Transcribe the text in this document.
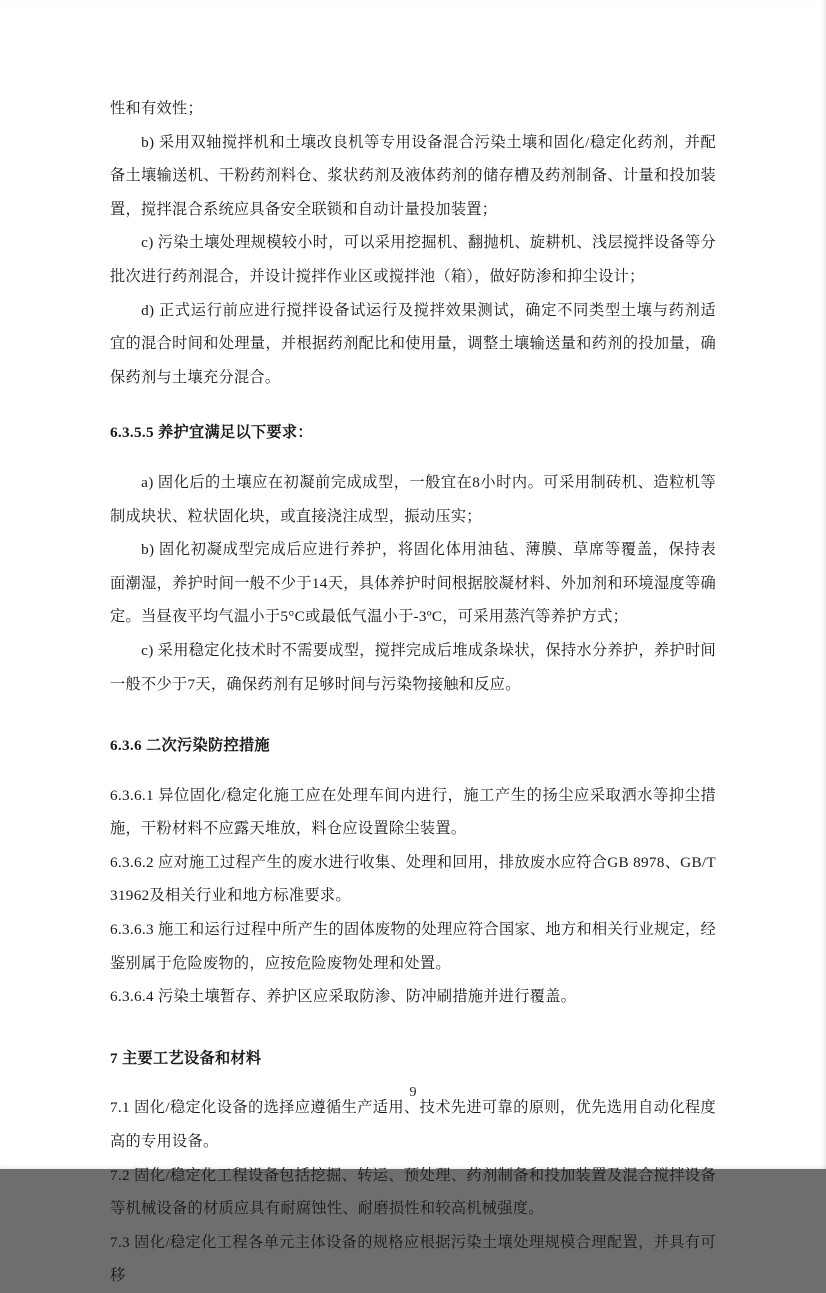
性和有效性；

b) 采用双轴搅拌机和土壤改良机等专用设备混合污染土壤和固化/稳定化药剂，并配备土壤输送机、干粉药剂料仓、浆状药剂及液体药剂的储存槽及药剂制备、计量和投加装置，搅拌混合系统应具备安全联锁和自动计量投加装置；

c) 污染土壤处理规模较小时，可以采用挖掘机、翻抛机、旋耕机、浅层搅拌设备等分批次进行药剂混合，并设计搅拌作业区或搅拌池（箱），做好防渗和抑尘设计；

d) 正式运行前应进行搅拌设备试运行及搅拌效果测试，确定不同类型土壤与药剂适宜的混合时间和处理量，并根据药剂配比和使用量，调整土壤输送量和药剂的投加量，确保药剂与土壤充分混合。

6.3.5.5 养护宜满足以下要求：

a) 固化后的土壤应在初凝前完成成型，一般宜在8小时内。可采用制砖机、造粒机等制成块状、粒状固化块，或直接浇注成型，振动压实；

b) 固化初凝成型完成后应进行养护，将固化体用油毡、薄膜、草席等覆盖，保持表面潮湿，养护时间一般不少于14天，具体养护时间根据胶凝材料、外加剂和环境湿度等确定。当昼夜平均气温小于5°C或最低气温小于-3ºC，可采用蒸汽等养护方式；

c) 采用稳定化技术时不需要成型，搅拌完成后堆成条垛状，保持水分养护，养护时间一般不少于7天，确保药剂有足够时间与污染物接触和反应。

6.3.6 二次污染防控措施

6.3.6.1 异位固化/稳定化施工应在处理车间内进行，施工产生的扬尘应采取洒水等抑尘措施，干粉材料不应露天堆放，料仓应设置除尘装置。

6.3.6.2 应对施工过程产生的废水进行收集、处理和回用，排放废水应符合GB 8978、GB/T 31962及相关行业和地方标准要求。

6.3.6.3 施工和运行过程中所产生的固体废物的处理应符合国家、地方和相关行业规定，经鉴别属于危险废物的，应按危险废物处理和处置。

6.3.6.4 污染土壤暂存、养护区应采取防渗、防冲刷措施并进行覆盖。

7 主要工艺设备和材料

7.1 固化/稳定化设备的选择应遵循生产适用、技术先进可靠的原则，优先选用自动化程度高的专用设备。

7.2 固化/稳定化工程设备包括挖掘、转运、预处理、药剂制备和投加装置及混合搅拌设备等机械设备的材质应具有耐腐蚀性、耐磨损性和较高机械强度。

7.3 固化/稳定化工程各单元主体设备的规格应根据污染土壤处理规模合理配置，并具有可移

9
